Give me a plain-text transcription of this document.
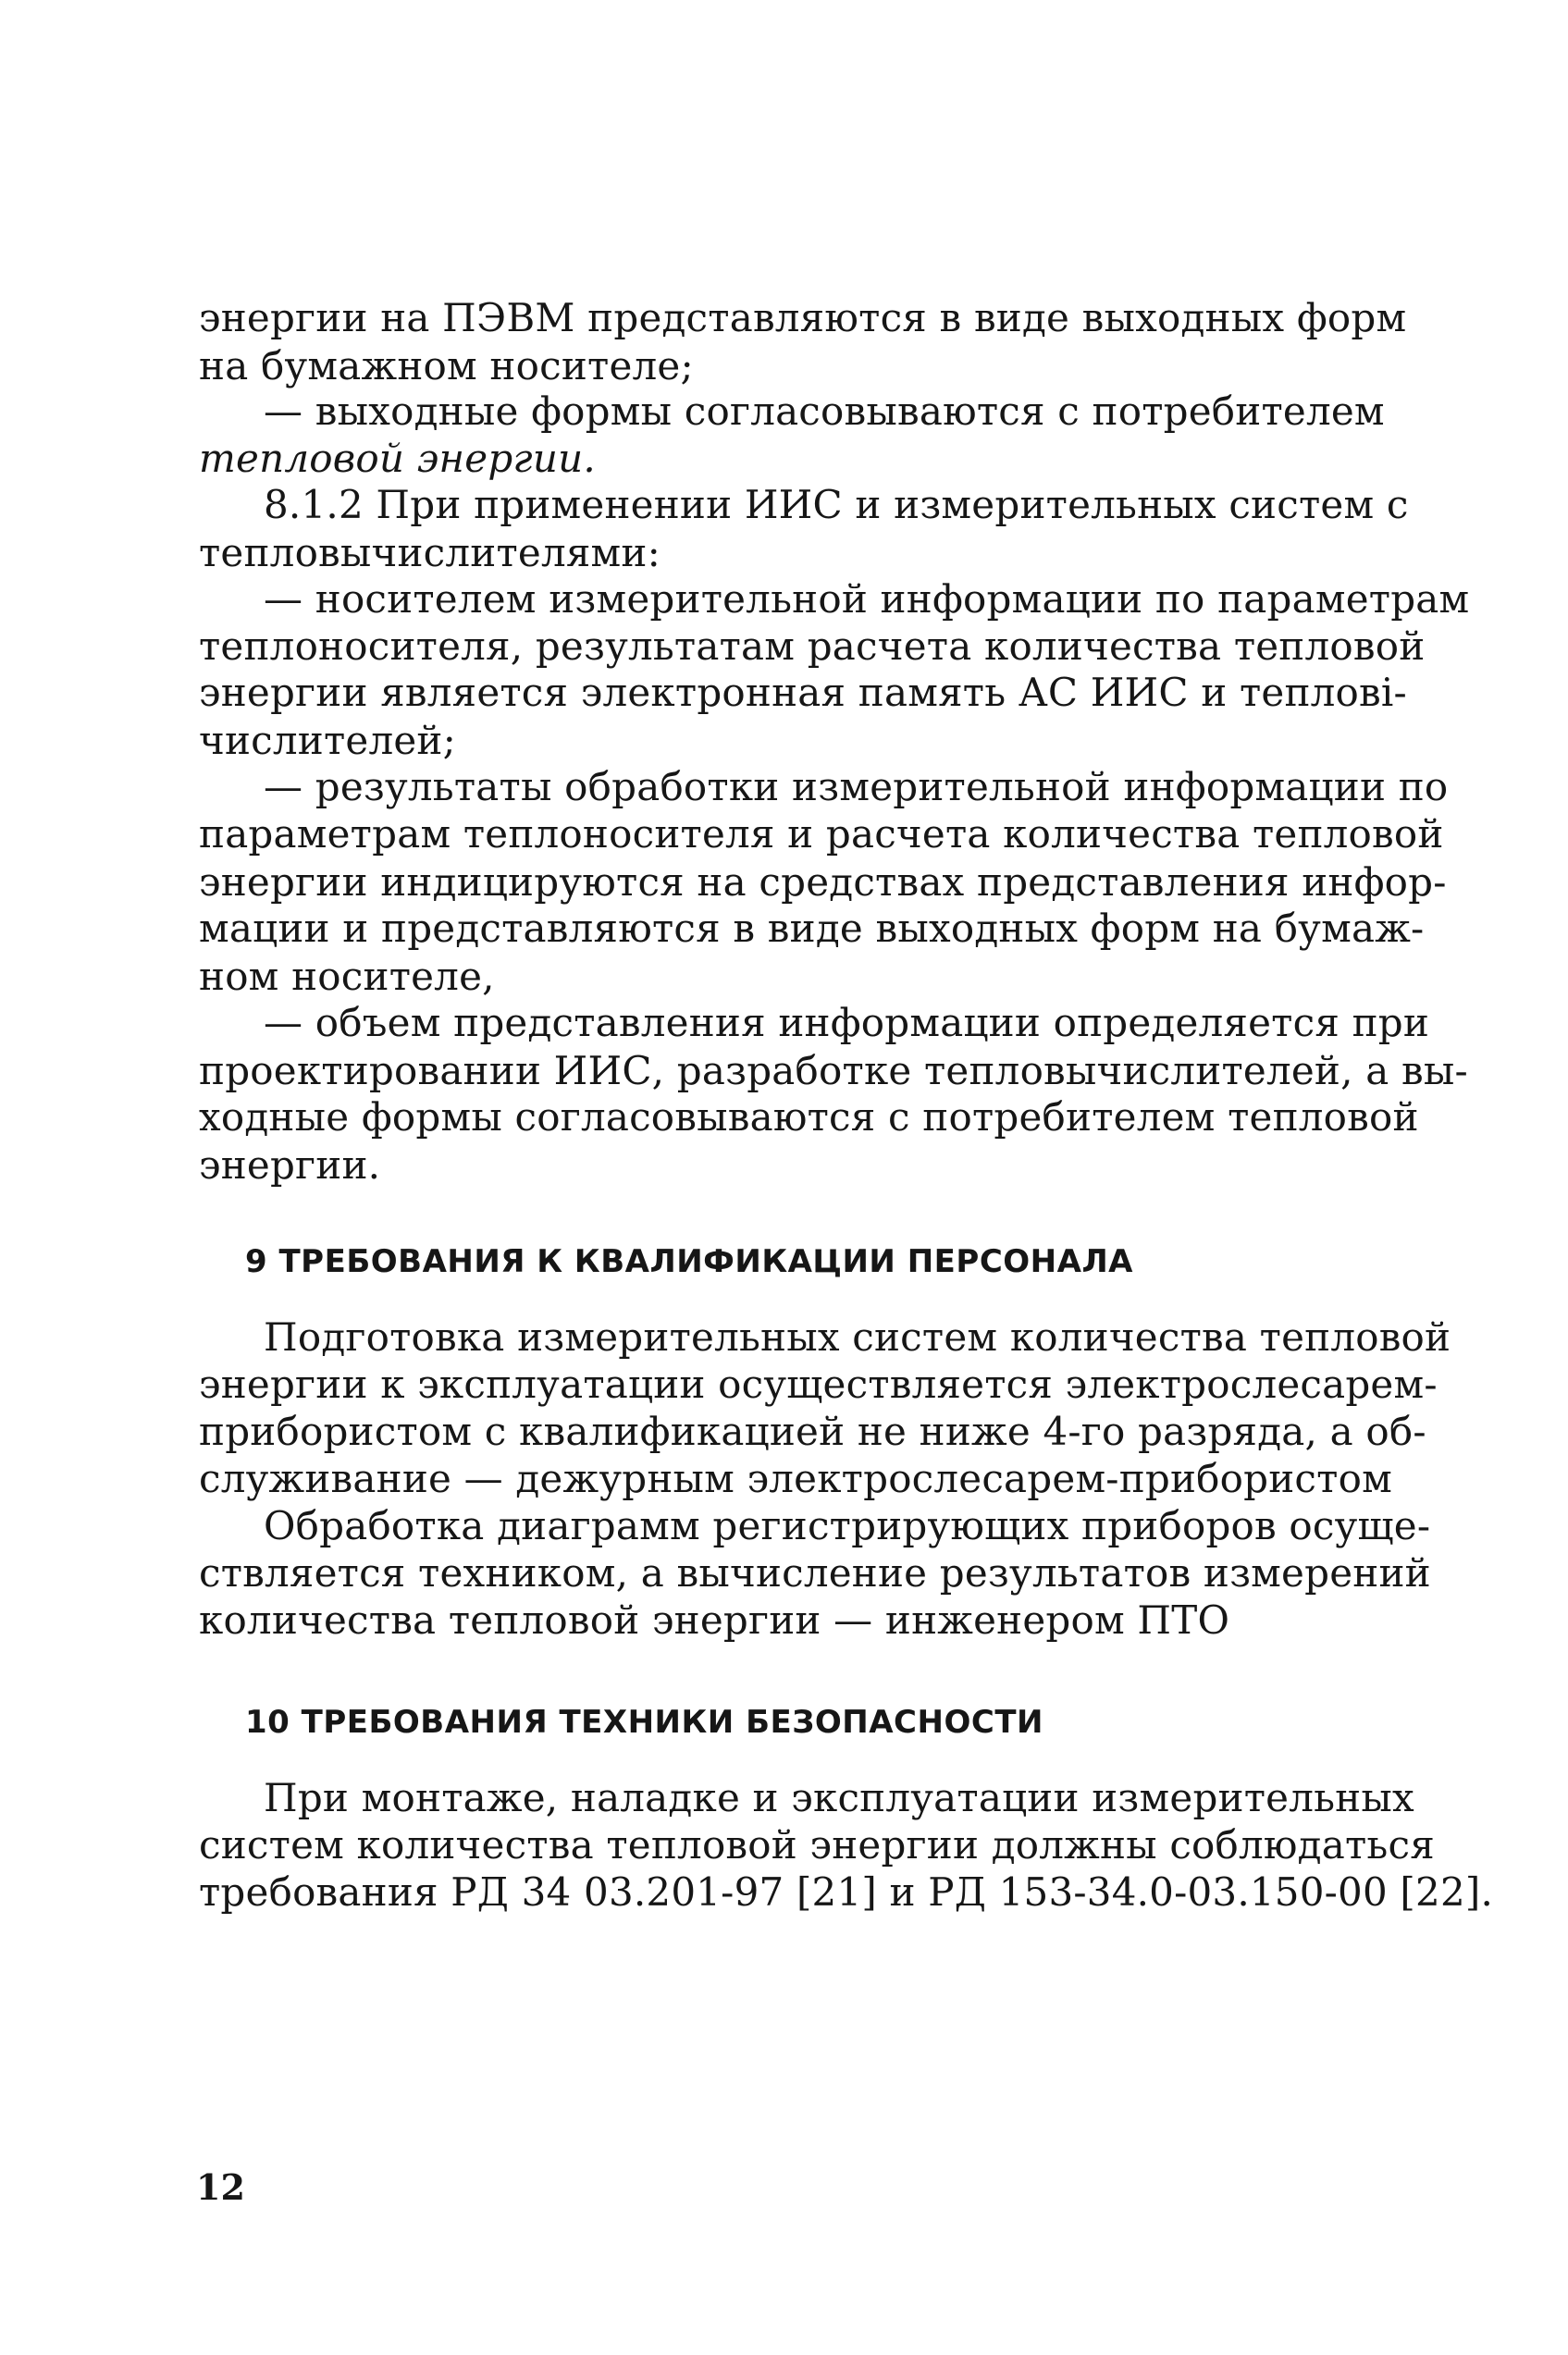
энергии на ПЭВМ представляются в виде выходных форм
на бумажном носителе;
— выходные формы согласовываются с потребителем
тепловой энергии.
8.1.2 При применении ИИС и измерительных систем с
тепловычислителями:
— носителем измерительной информации по параметрам
теплоносителя, результатам расчета количества тепловой
энергии является электронная память АС ИИС и теплові-
числителей;
— результаты обработки измерительной информации по
параметрам теплоносителя и расчета количества тепловой
энергии индицируются на средствах представления инфор-
мации и представляются в виде выходных форм на бумаж-
ном носителе,
— объем представления информации определяется при
проектировании ИИС, разработке тепловычислителей, а вы-
ходные формы согласовываются с потребителем тепловой
энергии.
9 ТРЕБОВАНИЯ К КВАЛИФИКАЦИИ ПЕРСОНАЛА
Подготовка измерительных систем количества тепловой
энергии к эксплуатации осуществляется электрослесарем-
прибористом с квалификацией не ниже 4-го разряда, а об-
служивание — дежурным электрослесарем-прибористом
Обработка диаграмм регистрирующих приборов осуще-
ствляется техником, а вычисление результатов измерений
количества тепловой энергии — инженером ПТО
10 ТРЕБОВАНИЯ ТЕХНИКИ БЕЗОПАСНОСТИ
При монтаже, наладке и эксплуатации измерительных
систем количества тепловой энергии должны соблюдаться
требования РД 34 03.201-97 [21] и РД 153-34.0-03.150-00 [22].
12
